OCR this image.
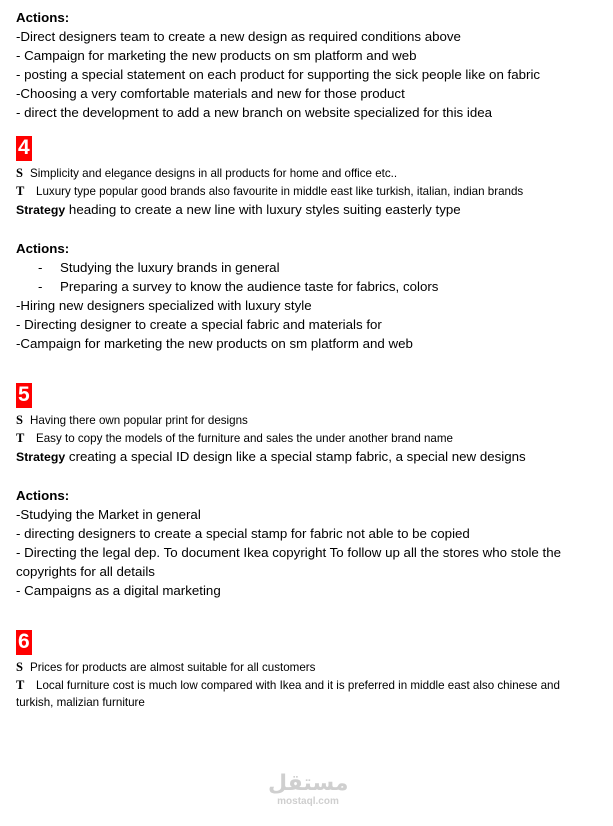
Actions:
-Direct designers team to create a new design as required conditions above
- Campaign for marketing the new products on sm platform and web
- posting a special statement on each product for supporting the sick people like on fabric
-Choosing a very comfortable materials and new for those product
- direct the development to add a new branch on website specialized for this idea
4
S Simplicity and elegance designs in all products for home and office etc..
T Luxury type popular good brands also favourite in middle east like turkish, italian, indian brands
Strategy heading to create a new line with luxury styles suiting easterly type
Actions:
- Studying the luxury brands in general
- Preparing a survey to know the audience taste for fabrics, colors
-Hiring new designers specialized with luxury style
- Directing designer to create a special fabric and materials for
-Campaign for marketing the new products on sm platform and web
5
S Having there own popular print for designs
T Easy to copy the models of the furniture and sales the under another brand name
Strategy creating a special ID design like a special stamp fabric, a special new designs
Actions:
-Studying the Market in general
- directing designers to create a special stamp for fabric not able to be copied
- Directing the legal dep. To document Ikea copyright To follow up all the stores who stole the copyrights for all details
- Campaigns as a digital marketing
6
S Prices for products are almost suitable for all customers
T Local furniture cost is much low compared with Ikea and it is preferred in middle east also chinese and turkish, malizian furniture
مستقل
mostaql.com
